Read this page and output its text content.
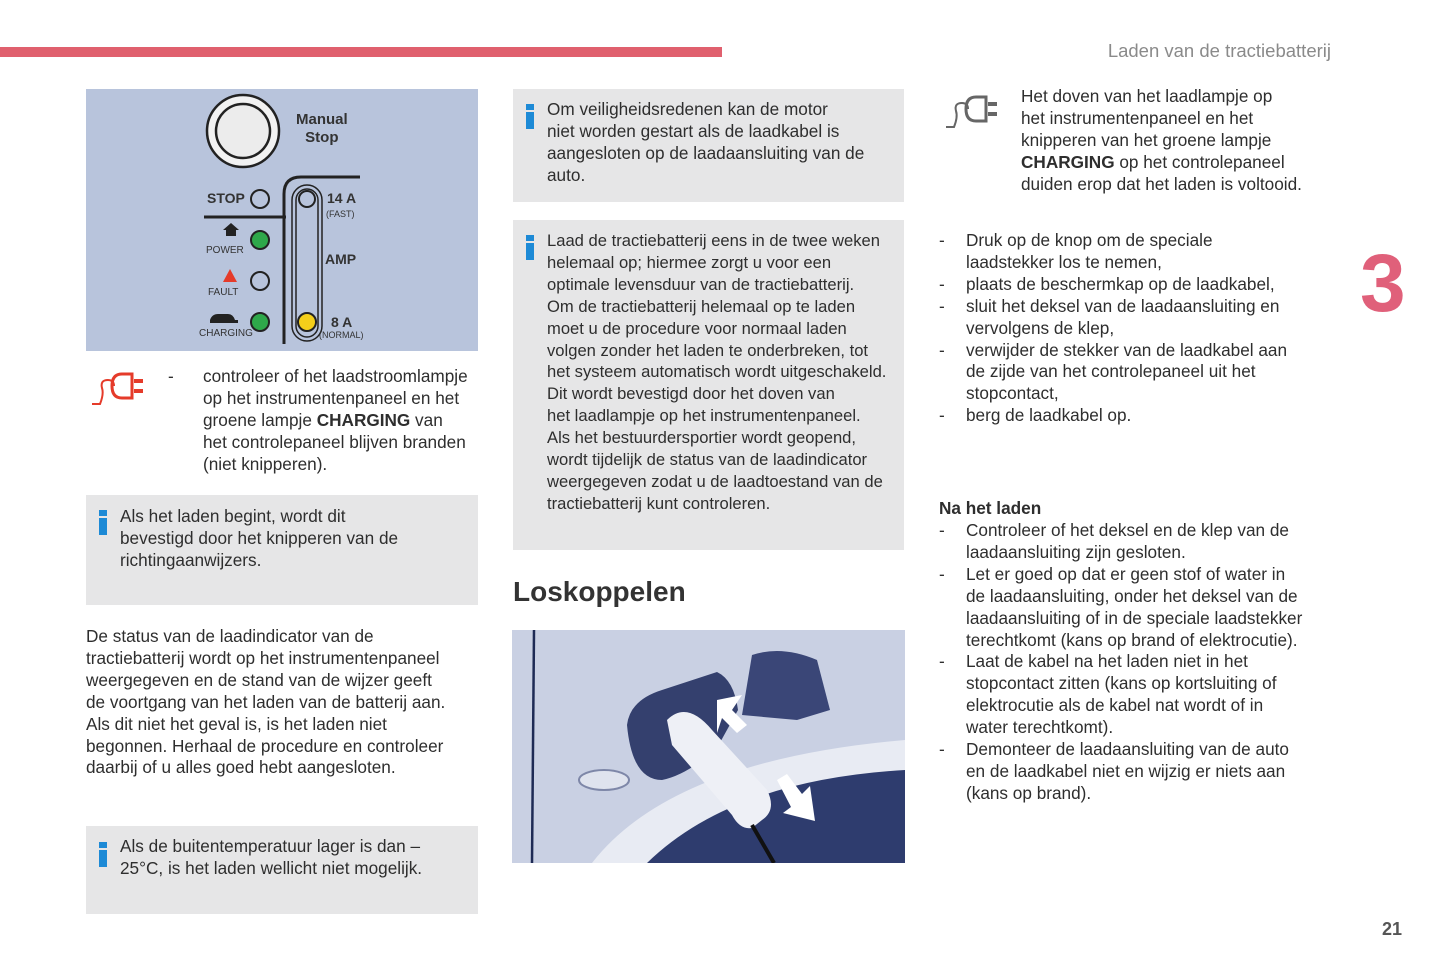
Laden van de tractiebatterij
3
21
Manual
Stop
STOP
POWER
FAULT
CHARGING
14 A
(FAST)
AMP
8 A
(NORMAL)
- controleer of het laadstroomlampje
op het instrumentenpaneel en het
groene lampje CHARGING van
het controlepaneel blijven branden
(niet knipperen).
Als het laden begint, wordt dit
bevestigd door het knipperen van de
richtingaanwijzers.
De status van de laadindicator van de
tractiebatterij wordt op het instrumentenpaneel
weergegeven en de stand van de wijzer geeft
de voortgang van het laden van de batterij aan.
Als dit niet het geval is, is het laden niet
begonnen. Herhaal de procedure en controleer
daarbij of u alles goed hebt aangesloten.
Als de buitentemperatuur lager is dan –
25°C, is het laden wellicht niet mogelijk.
Om veiligheidsredenen kan de motor
niet worden gestart als de laadkabel is
aangesloten op de laadaansluiting van de
auto.
Laad de tractiebatterij eens in de twee weken
helemaal op; hiermee zorgt u voor een
optimale levensduur van de tractiebatterij.
Om de tractiebatterij helemaal op te laden
moet u de procedure voor normaal laden
volgen zonder het laden te onderbreken, tot
het systeem automatisch wordt uitgeschakeld.
Dit wordt bevestigd door het doven van
het laadlampje op het instrumentenpaneel.
Als het bestuurdersportier wordt geopend,
wordt tijdelijk de status van de laadindicator
weergegeven zodat u de laadtoestand van de
tractiebatterij kunt controleren.
Loskoppelen
Het doven van het laadlampje op
het instrumentenpaneel en het
knipperen van het groene lampje
CHARGING op het controlepaneel
duiden erop dat het laden is voltooid.
- Druk op de knop om de speciale
laadstekker los te nemen,
- plaats de beschermkap op de laadkabel,
- sluit het deksel van de laadaansluiting en
vervolgens de klep,
- verwijder de stekker van de laadkabel aan
de zijde van het controlepaneel uit het
stopcontact,
- berg de laadkabel op.
Na het laden
- Controleer of het deksel en de klep van de
laadaansluiting zijn gesloten.
- Let er goed op dat er geen stof of water in
de laadaansluiting, onder het deksel van de
laadaansluiting of in de speciale laadstekker
terechtkomt (kans op brand of elektrocutie).
- Laat de kabel na het laden niet in het
stopcontact zitten (kans op kortsluiting of
elektrocutie als de kabel nat wordt of in
water terechtkomt).
- Demonteer de laadaansluiting van de auto
en de laadkabel niet en wijzig er niets aan
(kans op brand).
